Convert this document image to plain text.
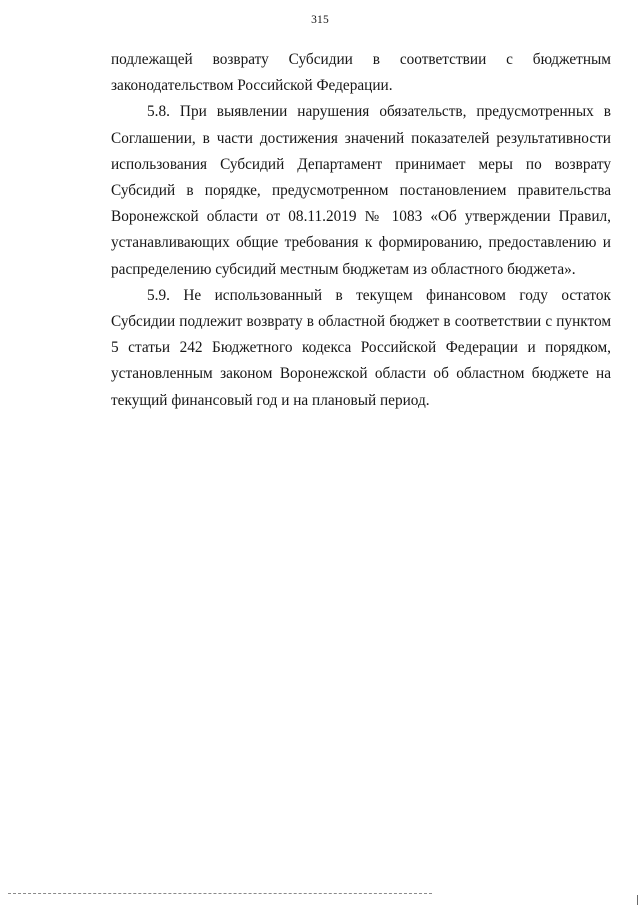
315

подлежащей возврату Субсидии в соответствии с бюджетным
законодательством Российской Федерации.

5.8. При выявлении нарушения обязательств, предусмотренных в Соглашении, в части достижения значений показателей результативности использования Субсидий Департамент принимает меры по возврату Субсидий в порядке, предусмотренном постановлением правительства Воронежской области от 08.11.2019 № 1083 «Об утверждении Правил, устанавливающих общие требования к формированию, предоставлению и распределению субсидий местным бюджетам из областного бюджета».

5.9. Не использованный в текущем финансовом году остаток Субсидии подлежит возврату в областной бюджет в соответствии с пунктом 5 статьи 242 Бюджетного кодекса Российской Федерации и порядком, установленным законом Воронежской области об областном бюджете на текущий финансовый год и на плановый период.
